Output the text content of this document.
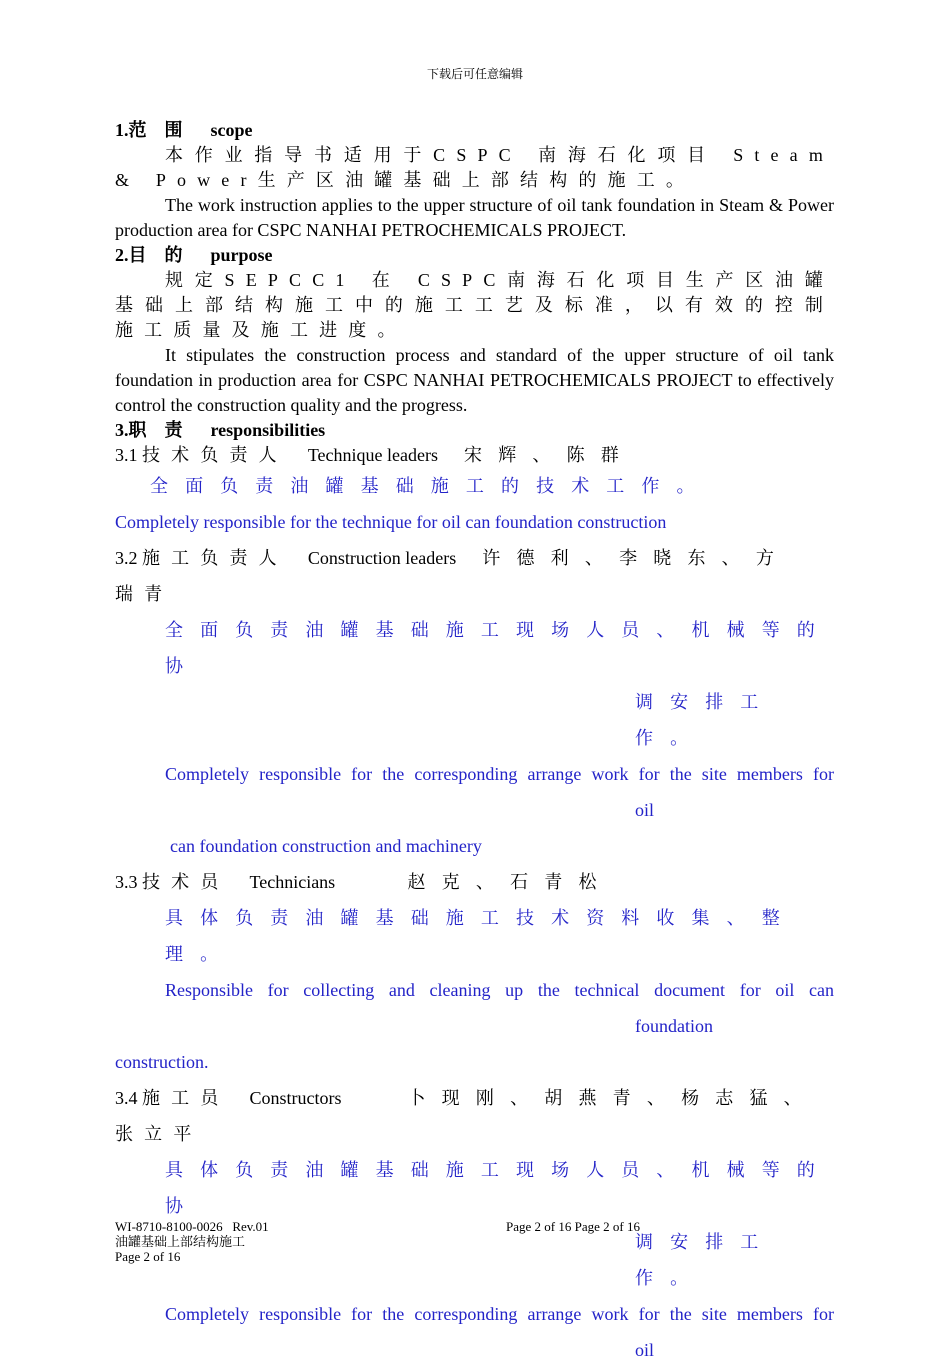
下载后可任意编辑

1.范　围 scope

本作业指导书适用于CSPC 南海石化项目 Steam & Power生产区油罐基础上部结构的施工。

The work instruction applies to the upper structure of oil tank foundation in Steam & Power production area for CSPC NANHAI PETROCHEMICALS PROJECT.

2.目　的 purpose

规定SEPCC1 在 CSPC南海石化项目生产区油罐基础上部结构施工中的施工工艺及标准，以有效的控制施工质量及施工进度。

It stipulates the construction process and standard of the upper structure of oil tank foundation in production area for CSPC NANHAI PETROCHEMICALS PROJECT to effectively control the construction quality and the progress.

3.职　责 responsibilities

3.1 技术负责人 Technique leaders 宋辉、陈群

全面负责油罐基础施工的技术工作。

Completely responsible for the technique for oil can foundation construction

3.2 施工负责人 Construction leaders 许德利、李晓东、方

瑞青

全面负责油罐基础施工现场人员、机械等的协

调安排工作。

Completely responsible for the corresponding arrange work for the site members for

oil

can foundation construction and machinery

3.3 技术员 Technicians	赵克、石青松

具体负责油罐基础施工技术资料收集、整理。

Responsible for collecting and cleaning up the technical document for oil can

foundation

construction.

3.4 施工员 Constructors	卜现刚、胡燕青、杨志猛、

张立平

具体负责油罐基础施工现场人员、机械等的协

调安排工作。

Completely responsible for the corresponding arrange work for the site members for

oil

WI-8710-8100-0026   Rev.01
油罐基础上部结构施工
Page 2 of 16
Page 2 of 16 Page 2 of 16
